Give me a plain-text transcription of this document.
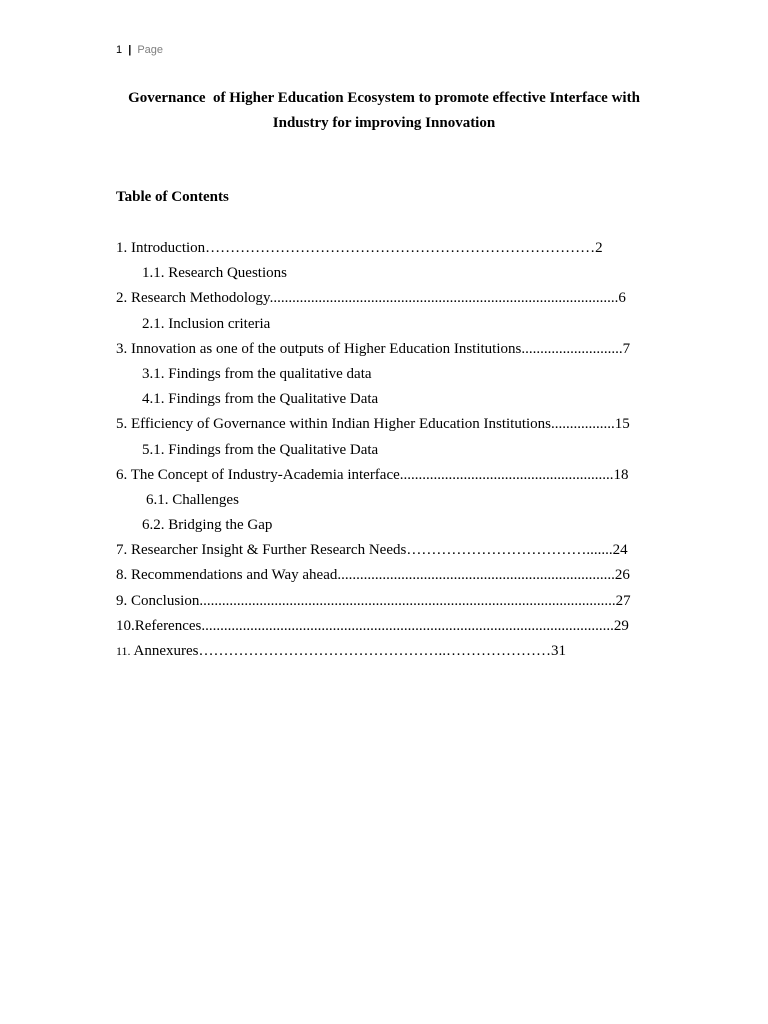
1 | Page
Governance  of Higher Education Ecosystem to promote effective Interface with
Industry for improving Innovation
Table of Contents
1. Introduction……………………………………………………………………2
1.1. Research Questions
2. Research Methodology.............................................................................................6
2.1. Inclusion criteria
3. Innovation as one of the outputs of Higher Education Institutions...........................7
3.1. Findings from the qualitative data
4.1. Findings from the Qualitative Data
5. Efficiency of Governance within Indian Higher Education Institutions.................15
5.1. Findings from the Qualitative Data
6. The Concept of Industry-Academia interface.........................................................18
6.1. Challenges
6.2. Bridging the Gap
7. Researcher Insight & Further Research Needs……………………………….......24
8. Recommendations and Way ahead..........................................................................26
9. Conclusion...............................................................................................................27
10.References..............................................................................................................29
11. Annexures…………………………………………..…………………31
